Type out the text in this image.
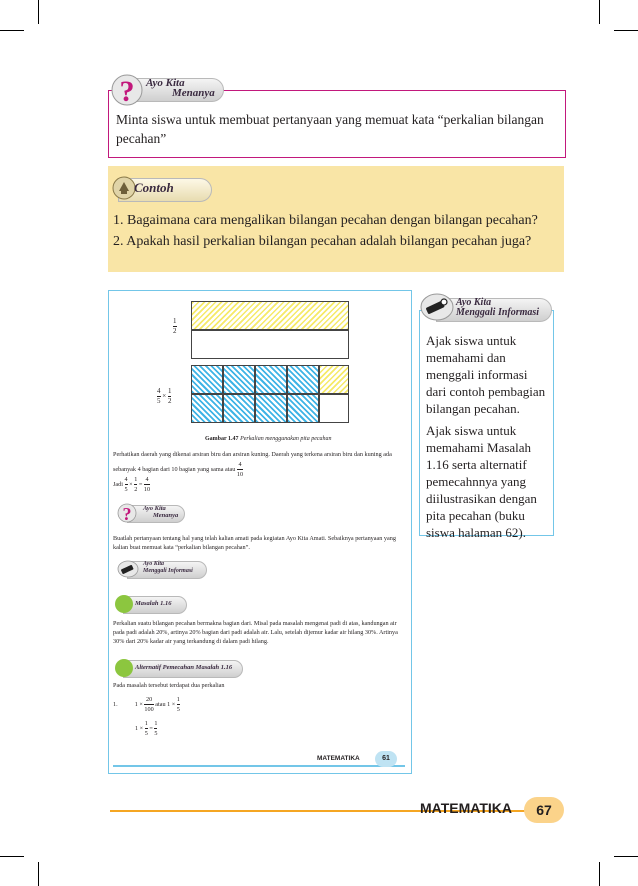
? Ayo Kita
Menanya
Minta siswa untuk membuat pertanyaan yang memuat kata “perkalian bilangan pecahan”
Contoh
1. Bagaimana cara mengalikan bilangan pecahan dengan bilangan pecahan?
2. Apakah hasil perkalian bilangan pecahan adalah bilangan pecahan juga?
$\frac{1}{2}$
$\frac{4}{5} \times \frac{1}{2}$
Gambar 1.47 Perkalian menggunakan pita pecahan
Perhatikan daerah yang dikenai arsiran biru dan arsiran kuning. Daerah yang terkena arsiran biru dan kuning ada sebanyak 4 bagian dari 10 bagian yang sama atau $\frac{4}{10}$
Jadi $\frac{4}{5} \times \frac{1}{2} = \frac{4}{10}$
? Ayo Kita
Menanya
Buatlah pertanyaan tentang hal yang telah kalian amati pada kegiatan Ayo Kita Amati. Sebaiknya pertanyaan yang kalian buat memuat kata “perkalian bilangan pecahan”.
Ayo Kita
Menggali Informasi
Masalah 1.16
Perkalian suatu bilangan pecahan bermakna bagian dari. Misal pada masalah mengenai padi di atas, kandungan air pada padi adalah 20%, artinya 20% bagian dari padi adalah air. Lalu, setelah dijemur kadar air hilang 30%. Artinya 30% dari 20% kadar air yang terkandung di dalam padi hilang.
Alternatif Pemecahan Masalah 1.16
Pada masalah tersebut terdapat dua perkalian
1.	$1 \times \frac{20}{100}$ atau $1 \times \frac{1}{5}$
$1 \times \frac{1}{5} = \frac{1}{5}$
MATEMATIKA	61
Ayo Kita
Menggali Informasi
Ajak siswa untuk memahami dan menggali informasi dari contoh pembagian bilangan pecahan.
Ajak siswa untuk memahami Masalah 1.16 serta alternatif pemecahnnya yang diilustrasikan dengan pita pecahan (buku siswa halaman 62).
MATEMATIKA	67
